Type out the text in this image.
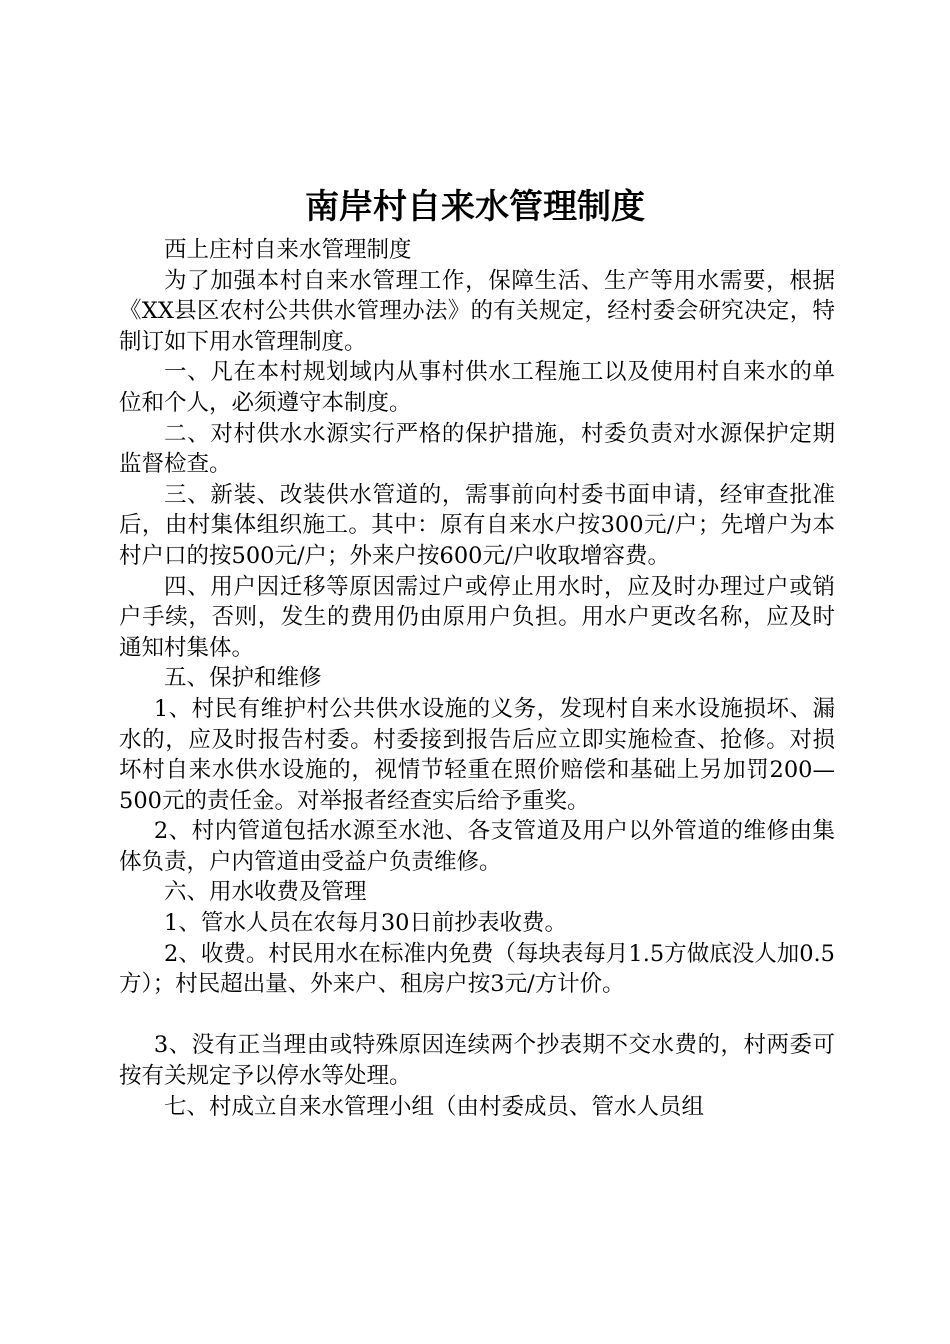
南岸村自来水管理制度

西上庄村自来水管理制度

为了加强本村自来水管理工作，保障生活、生产等用水需要，根据《XX县区农村公共供水管理办法》的有关规定，经村委会研究决定，特制订如下用水管理制度。

一、凡在本村规划域内从事村供水工程施工以及使用村自来水的单位和个人，必须遵守本制度。

二、对村供水水源实行严格的保护措施，村委负责对水源保护定期监督检查。

三、新装、改装供水管道的，需事前向村委书面申请，经审查批准后，由村集体组织施工。其中：原有自来水户按300元/户；先增户为本村户口的按500元/户；外来户按600元/户收取增容费。

四、用户因迁移等原因需过户或停止用水时，应及时办理过户或销户手续，否则，发生的费用仍由原用户负担。用水户更改名称，应及时通知村集体。

五、保护和维修

1、村民有维护村公共供水设施的义务，发现村自来水设施损坏、漏水的，应及时报告村委。村委接到报告后应立即实施检查、抢修。对损坏村自来水供水设施的，视情节轻重在照价赔偿和基础上另加罚200—500元的责任金。对举报者经查实后给予重奖。

2、村内管道包括水源至水池、各支管道及用户以外管道的维修由集体负责，户内管道由受益户负责维修。

六、用水收费及管理

1、管水人员在农每月30日前抄表收费。

2、收费。村民用水在标准内免费（每块表每月1.5方做底没人加0.5方）；村民超出量、外来户、租房户按3元/方计价。

3、没有正当理由或特殊原因连续两个抄表期不交水费的，村两委可按有关规定予以停水等处理。

七、村成立自来水管理小组（由村委成员、管水人员组
